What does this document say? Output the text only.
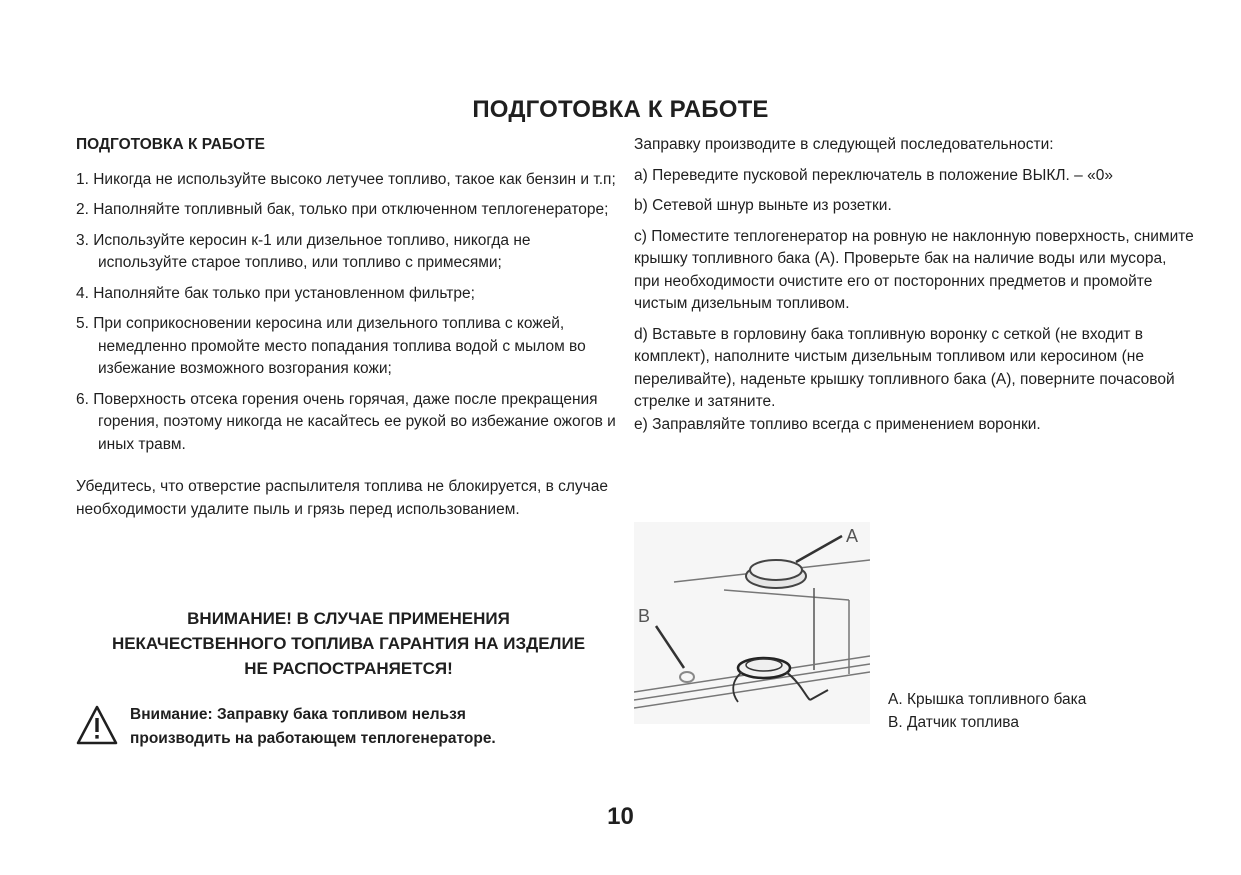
ПОДГОТОВКА К РАБОТЕ
ПОДГОТОВКА К РАБОТЕ
1. Никогда не используйте высоко летучее топливо, такое как бензин и т.п;
2. Наполняйте топливный бак, только при отключенном теплогенераторе;
3. Используйте керосин к-1 или дизельное топливо, никогда не используйте старое топливо, или топливо с примесями;
4. Наполняйте бак только при установленном фильтре;
5. При соприкосновении керосина или дизельного топлива с кожей, немедленно промойте место попадания топлива водой с мылом во избежание возможного возгорания кожи;
6. Поверхность отсека горения очень горячая, даже после прекращения горения, поэтому никогда не касайтесь ее рукой во избежание ожогов и иных травм.
Убедитесь, что отверстие распылителя топлива не блокируется, в случае необходимости удалите пыль и грязь перед использованием.
ВНИМАНИЕ! В СЛУЧАЕ ПРИМЕНЕНИЯ
НЕКАЧЕСТВЕННОГО ТОПЛИВА ГАРАНТИЯ НА ИЗДЕЛИЕ
НЕ РАСПОСТРАНЯЕТСЯ!
Внимание: Заправку бака топливом нельзя
производить на работающем теплогенераторе.
Заправку производите в следующей последовательности:
a) Переведите пусковой переключатель в положение ВЫКЛ. – «0»
b) Сетевой шнур выньте из розетки.
c) Поместите теплогенератор на ровную не наклонную поверхность, снимите крышку топливного бака (A). Проверьте бак на наличие воды или мусора, при необходимости очистите его от посторонних предметов и промойте чистым дизельным топливом.
d) Вставьте в горловину бака топливную воронку с сеткой (не входит в комплект), наполните чистым дизельным топливом или керосином (не переливайте), наденьте крышку топливного бака (A), поверните почасовой стрелке и затяните.
e) Заправляйте топливо всегда с применением воронки.
A
B
A. Крышка топливного бака
B. Датчик топлива
10
